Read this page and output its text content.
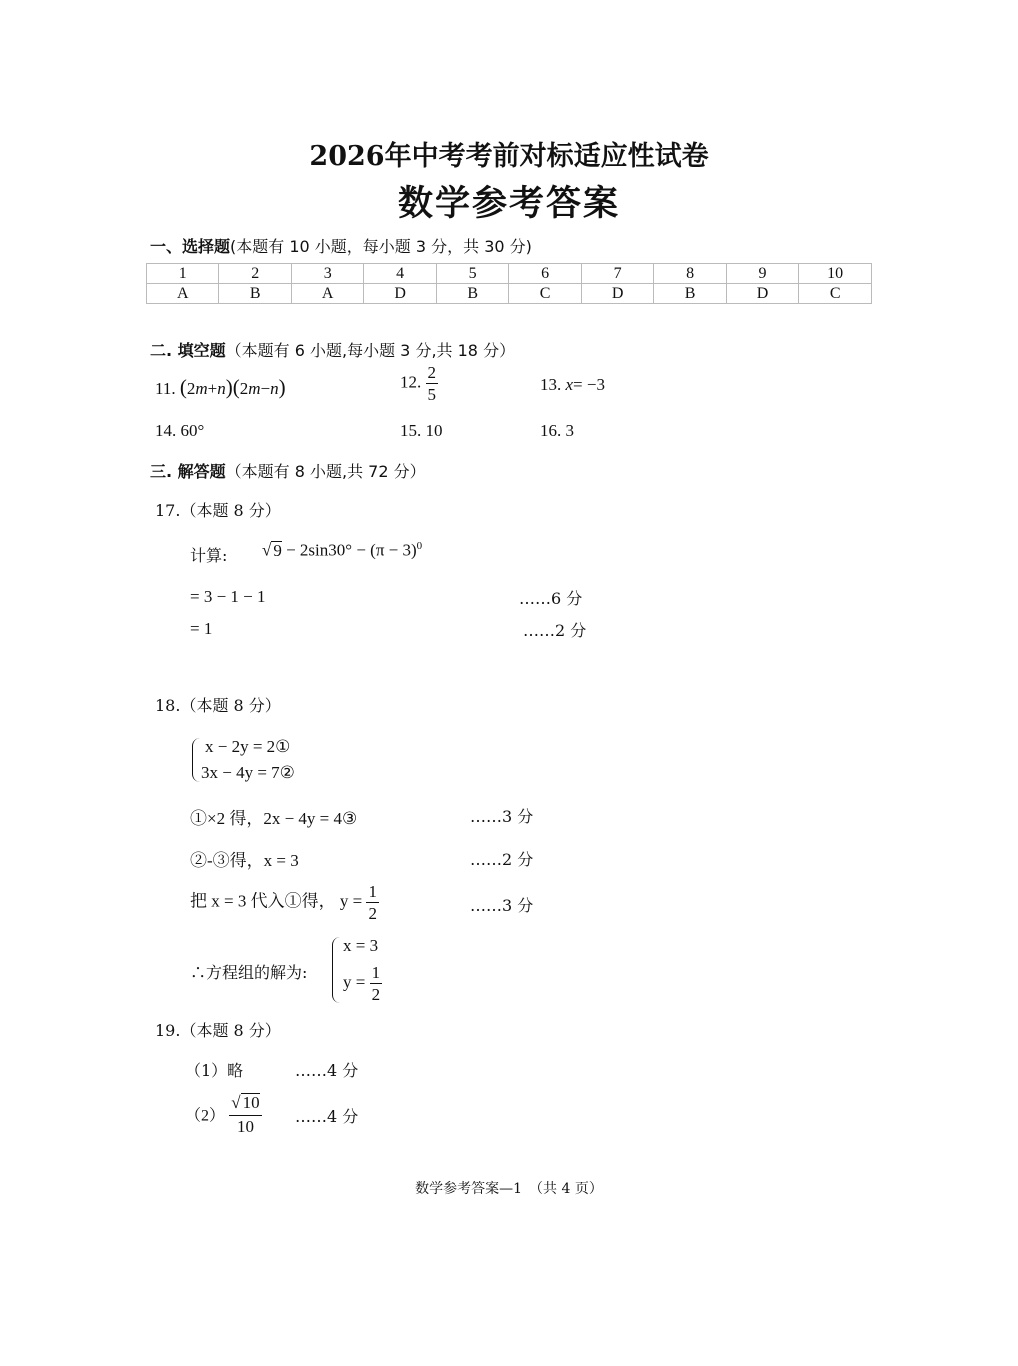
2026年中考考前对标适应性试卷
数学参考答案
一、选择题(本题有 10 小题，每小题 3 分，共 30 分)
1	2	3	4	5	6	7	8	9	10
A	B	A	D	B	C	D	B	D	C
二. 填空题（本题有 6 小题,每小题 3 分,共 18 分）
11. (2m+n)(2m−n)	12. $\frac{2}{5}$	13. x= −3
14. 60°	15. 10	16. 3
三. 解答题（本题有 8 小题,共 72 分）
17.（本题 8 分）
计算: √ $9 - 2\sin 30^\circ - (\pi - 3)^0$
= 3 − 1 − 1	……6 分
= 1	……2 分
18.（本题 8 分）
x − 2y = 2①
3x − 4y = 7②
①×2 得，2x − 4y = 4③	……3 分
②-③得，x = 3	……2 分
把 x = 3 代入①得， $y = \frac{1}{2}$	……3 分
∴方程组的解为:
x = 3
$y = \frac{1}{2}$
19.（本题 8 分）
（1）略	……4 分
$(2) \frac{√ 10}{10}$ ……4 分
数学参考答案—1　（共 4 页）
